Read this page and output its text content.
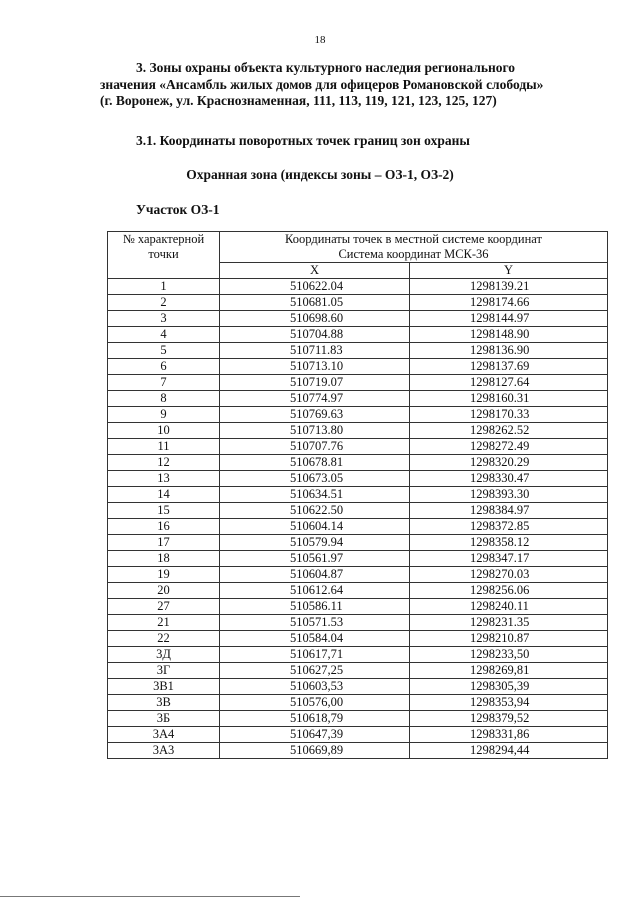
18
3. Зоны охраны объекта культурного наследия регионального
значения «Ансамбль жилых домов для офицеров Романовской слободы»
(г. Воронеж, ул. Краснознаменная, 111, 113, 119, 121, 123, 125, 127)
3.1. Координаты поворотных точек границ зон охраны
Охранная зона (индексы зоны – ОЗ-1, ОЗ-2)
Участок ОЗ-1
№ характерной точки	Координаты точек в местной системе координат
Система координат МСК-36	

	X	Y
1	510622.04	1298139.21
2	510681.05	1298174.66
3	510698.60	1298144.97
4	510704.88	1298148.90
5	510711.83	1298136.90
6	510713.10	1298137.69
7	510719.07	1298127.64
8	510774.97	1298160.31
9	510769.63	1298170.33
10	510713.80	1298262.52
11	510707.76	1298272.49
12	510678.81	1298320.29
13	510673.05	1298330.47
14	510634.51	1298393.30
15	510622.50	1298384.97
16	510604.14	1298372.85
17	510579.94	1298358.12
18	510561.97	1298347.17
19	510604.87	1298270.03
20	510612.64	1298256.06
27	510586.11	1298240.11
21	510571.53	1298231.35
22	510584.04	1298210.87
3Д	510617,71	1298233,50
3Г	510627,25	1298269,81
3В1	510603,53	1298305,39
3В	510576,00	1298353,94
3Б	510618,79	1298379,52
3А4	510647,39	1298331,86
3А3	510669,89	1298294,44
